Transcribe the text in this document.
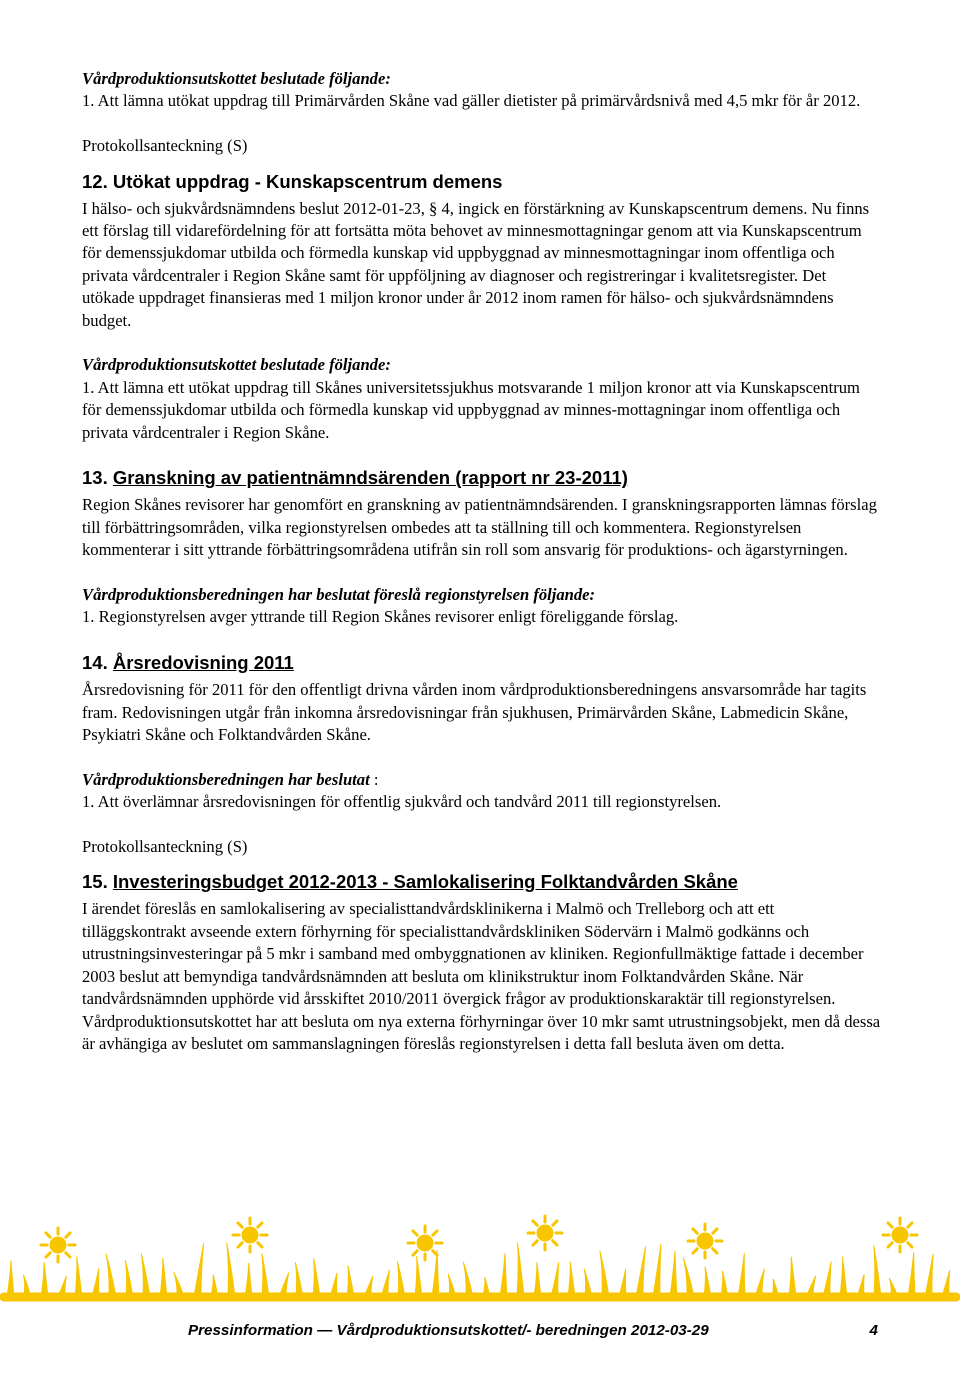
Vårdproduktionsutskottet beslutade följande:

1. Att lämna utökat uppdrag till Primärvården Skåne vad gäller dietister på primärvårdsnivå med 4,5 mkr för år 2012.

Protokollsanteckning (S)

12. Utökat uppdrag - Kunskapscentrum demens

I hälso- och sjukvårdsnämndens beslut 2012-01-23, § 4, ingick en förstärkning av Kunskapscentrum demens. Nu finns ett förslag till vidarefördelning för att fortsätta möta behovet av minnesmottagningar genom att via Kunskapscentrum för demenssjukdomar utbilda och förmedla kunskap vid uppbyggnad av minnesmottagningar inom offentliga och privata vårdcentraler i Region Skåne samt för uppföljning av diagnoser och registreringar i kvalitetsregister. Det utökade uppdraget finansieras med 1 miljon kronor under år 2012 inom ramen för hälso- och sjukvårdsnämndens budget.

Vårdproduktionsutskottet beslutade följande:

1. Att lämna ett utökat uppdrag till Skånes universitetssjukhus motsvarande 1 miljon kronor att via Kunskapscentrum för demenssjukdomar utbilda och förmedla kunskap vid uppbyggnad av minnes-mottagningar inom offentliga och privata vårdcentraler i Region Skåne.

13. Granskning av patientnämndsärenden (rapport nr 23-2011)

Region Skånes revisorer har genomfört en granskning av patientnämndsärenden. I granskningsrapporten lämnas förslag till förbättringsområden, vilka regionstyrelsen ombedes att ta ställning till och kommentera. Regionstyrelsen kommenterar i sitt yttrande förbättringsområdena utifrån sin roll som ansvarig för produktions- och ägarstyrningen.

Vårdproduktionsberedningen har beslutat föreslå regionstyrelsen följande:

1. Regionstyrelsen avger yttrande till Region Skånes revisorer enligt föreliggande förslag.

14. Årsredovisning 2011

Årsredovisning för 2011 för den offentligt drivna vården inom vårdproduktionsberedningens ansvarsområde har tagits fram. Redovisningen utgår från inkomna årsredovisningar från sjukhusen, Primärvården Skåne, Labmedicin Skåne, Psykiatri Skåne och Folktandvården Skåne.

Vårdproduktionsberedningen har beslutat :

1. Att överlämnar årsredovisningen för offentlig sjukvård och tandvård 2011 till regionstyrelsen.

Protokollsanteckning (S)

15. Investeringsbudget 2012-2013 - Samlokalisering Folktandvården Skåne

I ärendet föreslås en samlokalisering av specialisttandvårdsklinikerna i Malmö och Trelleborg och att ett tilläggskontrakt avseende extern förhyrning för specialisttandvårdskliniken Södervärn i Malmö godkänns och utrustningsinvesteringar på 5 mkr i samband med ombyggnationen av kliniken. Regionfullmäktige fattade i december 2003 beslut att bemyndiga tandvårdsnämnden att besluta om klinikstruktur inom Folktandvården Skåne. När tandvårdsnämnden upphörde vid årsskiftet 2010/2011 övergick frågor av produktionskaraktär till regionstyrelsen. Vårdproduktionsutskottet har att besluta om nya externa förhyrningar över 10 mkr samt utrustningsobjekt, men då dessa är avhängiga av beslutet om sammanslagningen föreslås regionstyrelsen i detta fall besluta även om detta.

Pressinformation — Vårdproduktionsutskottet/- beredningen 2012-03-29	4
